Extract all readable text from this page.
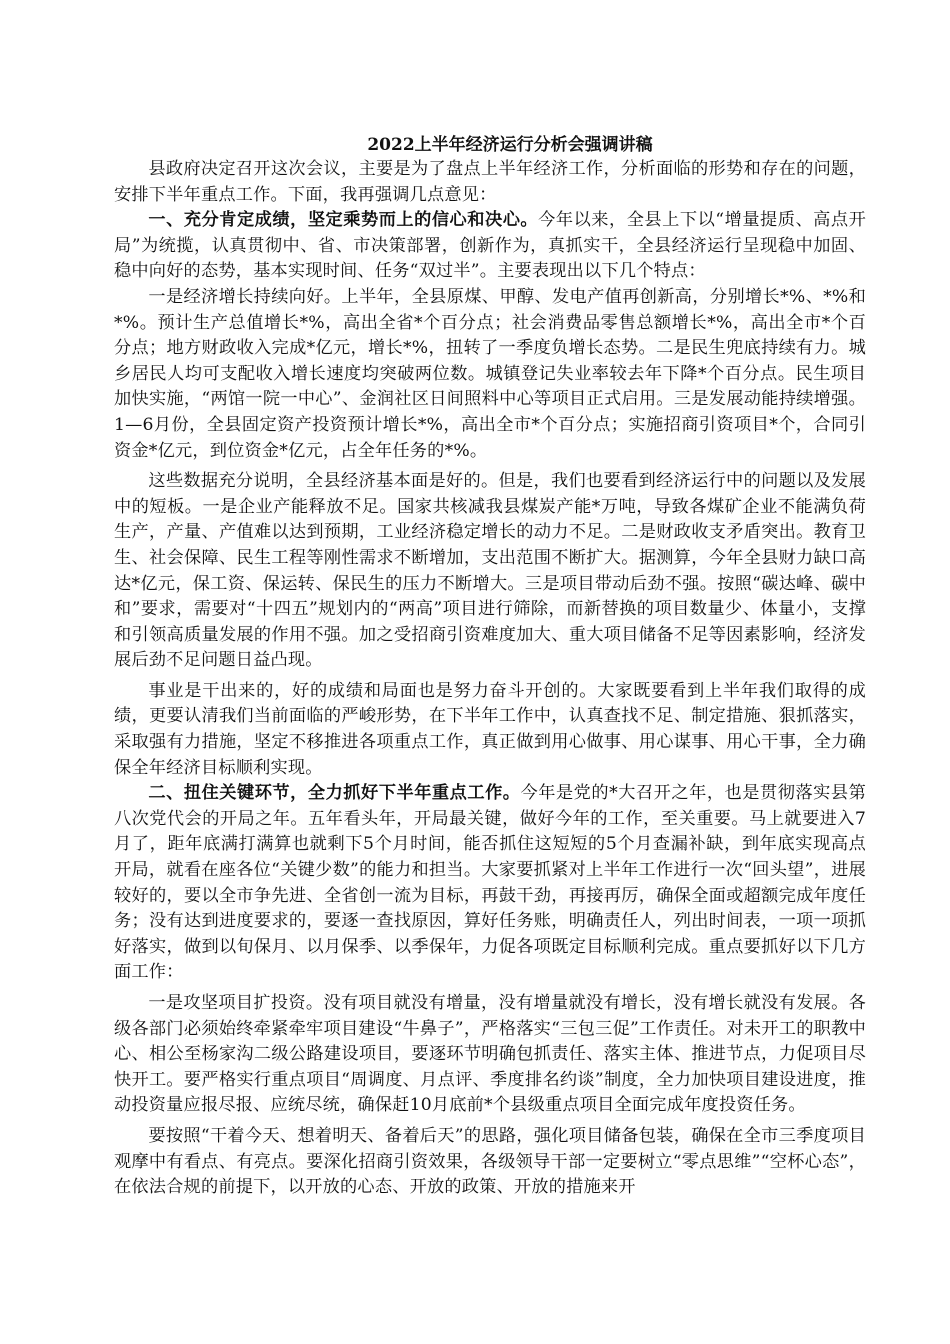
2022上半年经济运行分析会强调讲稿

县政府决定召开这次会议，主要是为了盘点上半年经济工作，分析面临的形势和存在的问题，安排下半年重点工作。下面，我再强调几点意见：

一、充分肯定成绩，坚定乘势而上的信心和决心。今年以来，全县上下以“增量提质、高点开局”为统揽，认真贯彻中、省、市决策部署，创新作为，真抓实干，全县经济运行呈现稳中加固、稳中向好的态势，基本实现时间、任务“双过半”。主要表现出以下几个特点：

一是经济增长持续向好。上半年，全县原煤、甲醇、发电产值再创新高，分别增长*%、*%和*%。预计生产总值增长*%，高出全省*个百分点；社会消费品零售总额增长*%，高出全市*个百分点；地方财政收入完成*亿元，增长*%，扭转了一季度负增长态势。二是民生兜底持续有力。城乡居民人均可支配收入增长速度均突破两位数。城镇登记失业率较去年下降*个百分点。民生项目加快实施，“两馆一院一中心”、金润社区日间照料中心等项目正式启用。三是发展动能持续增强。1—6月份，全县固定资产投资预计增长*%，高出全市*个百分点；实施招商引资项目*个，合同引资金*亿元，到位资金*亿元，占全年任务的*%。

这些数据充分说明，全县经济基本面是好的。但是，我们也要看到经济运行中的问题以及发展中的短板。一是企业产能释放不足。国家共核减我县煤炭产能*万吨，导致各煤矿企业不能满负荷生产，产量、产值难以达到预期，工业经济稳定增长的动力不足。二是财政收支矛盾突出。教育卫生、社会保障、民生工程等刚性需求不断增加，支出范围不断扩大。据测算，今年全县财力缺口高达*亿元，保工资、保运转、保民生的压力不断增大。三是项目带动后劲不强。按照“碳达峰、碳中和”要求，需要对“十四五”规划内的“两高”项目进行筛除，而新替换的项目数量少、体量小，支撑和引领高质量发展的作用不强。加之受招商引资难度加大、重大项目储备不足等因素影响，经济发展后劲不足问题日益凸现。

事业是干出来的，好的成绩和局面也是努力奋斗开创的。大家既要看到上半年我们取得的成绩，更要认清我们当前面临的严峻形势，在下半年工作中，认真查找不足、制定措施、狠抓落实，采取强有力措施，坚定不移推进各项重点工作，真正做到用心做事、用心谋事、用心干事，全力确保全年经济目标顺利实现。

二、扭住关键环节，全力抓好下半年重点工作。今年是党的*大召开之年，也是贯彻落实县第八次党代会的开局之年。五年看头年，开局最关键，做好今年的工作，至关重要。马上就要进入7月了，距年底满打满算也就剩下5个月时间，能否抓住这短短的5个月查漏补缺，到年底实现高点开局，就看在座各位“关键少数”的能力和担当。大家要抓紧对上半年工作进行一次“回头望”，进展较好的，要以全市争先进、全省创一流为目标，再鼓干劲，再接再厉，确保全面或超额完成年度任务；没有达到进度要求的，要逐一查找原因，算好任务账，明确责任人，列出时间表，一项一项抓好落实，做到以旬保月、以月保季、以季保年，力促各项既定目标顺利完成。重点要抓好以下几方面工作：

一是攻坚项目扩投资。没有项目就没有增量，没有增量就没有增长，没有增长就没有发展。各级各部门必须始终牵紧牵牢项目建设“牛鼻子”，严格落实“三包三促”工作责任。对未开工的职教中心、相公至杨家沟二级公路建设项目，要逐环节明确包抓责任、落实主体、推进节点，力促项目尽快开工。要严格实行重点项目“周调度、月点评、季度排名约谈”制度，全力加快项目建设进度，推动投资量应报尽报、应统尽统，确保赶10月底前*个县级重点项目全面完成年度投资任务。

要按照“干着今天、想着明天、备着后天”的思路，强化项目储备包装，确保在全市三季度项目观摩中有看点、有亮点。要深化招商引资效果，各级领导干部一定要树立“零点思维”“空杯心态”，在依法合规的前提下，以开放的心态、开放的政策、开放的措施来开
